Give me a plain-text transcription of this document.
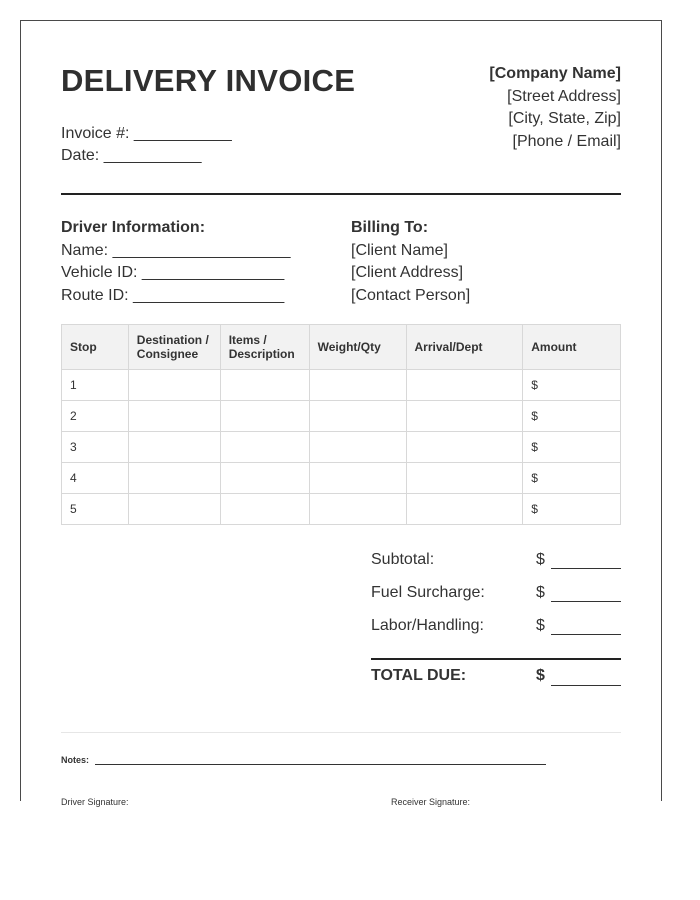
DELIVERY INVOICE
Invoice #: ___________
Date: ___________
[Company Name]
[Street Address]
[City, State, Zip]
[Phone / Email]
Driver Information:
Name: ____________________
Vehicle ID: ________________
Route ID: _________________
Billing To:
[Client Name]
[Client Address]
[Contact Person]
Stop	Destination / Consignee	Items / Description	Weight/Qty	Arrival/Dept	Amount
1					$
2					$
3					$
4					$
5					$
Subtotal:	$
Fuel Surcharge:	$
Labor/Handling:	$
TOTAL DUE:	$
Notes:
Driver Signature:	Receiver Signature:
